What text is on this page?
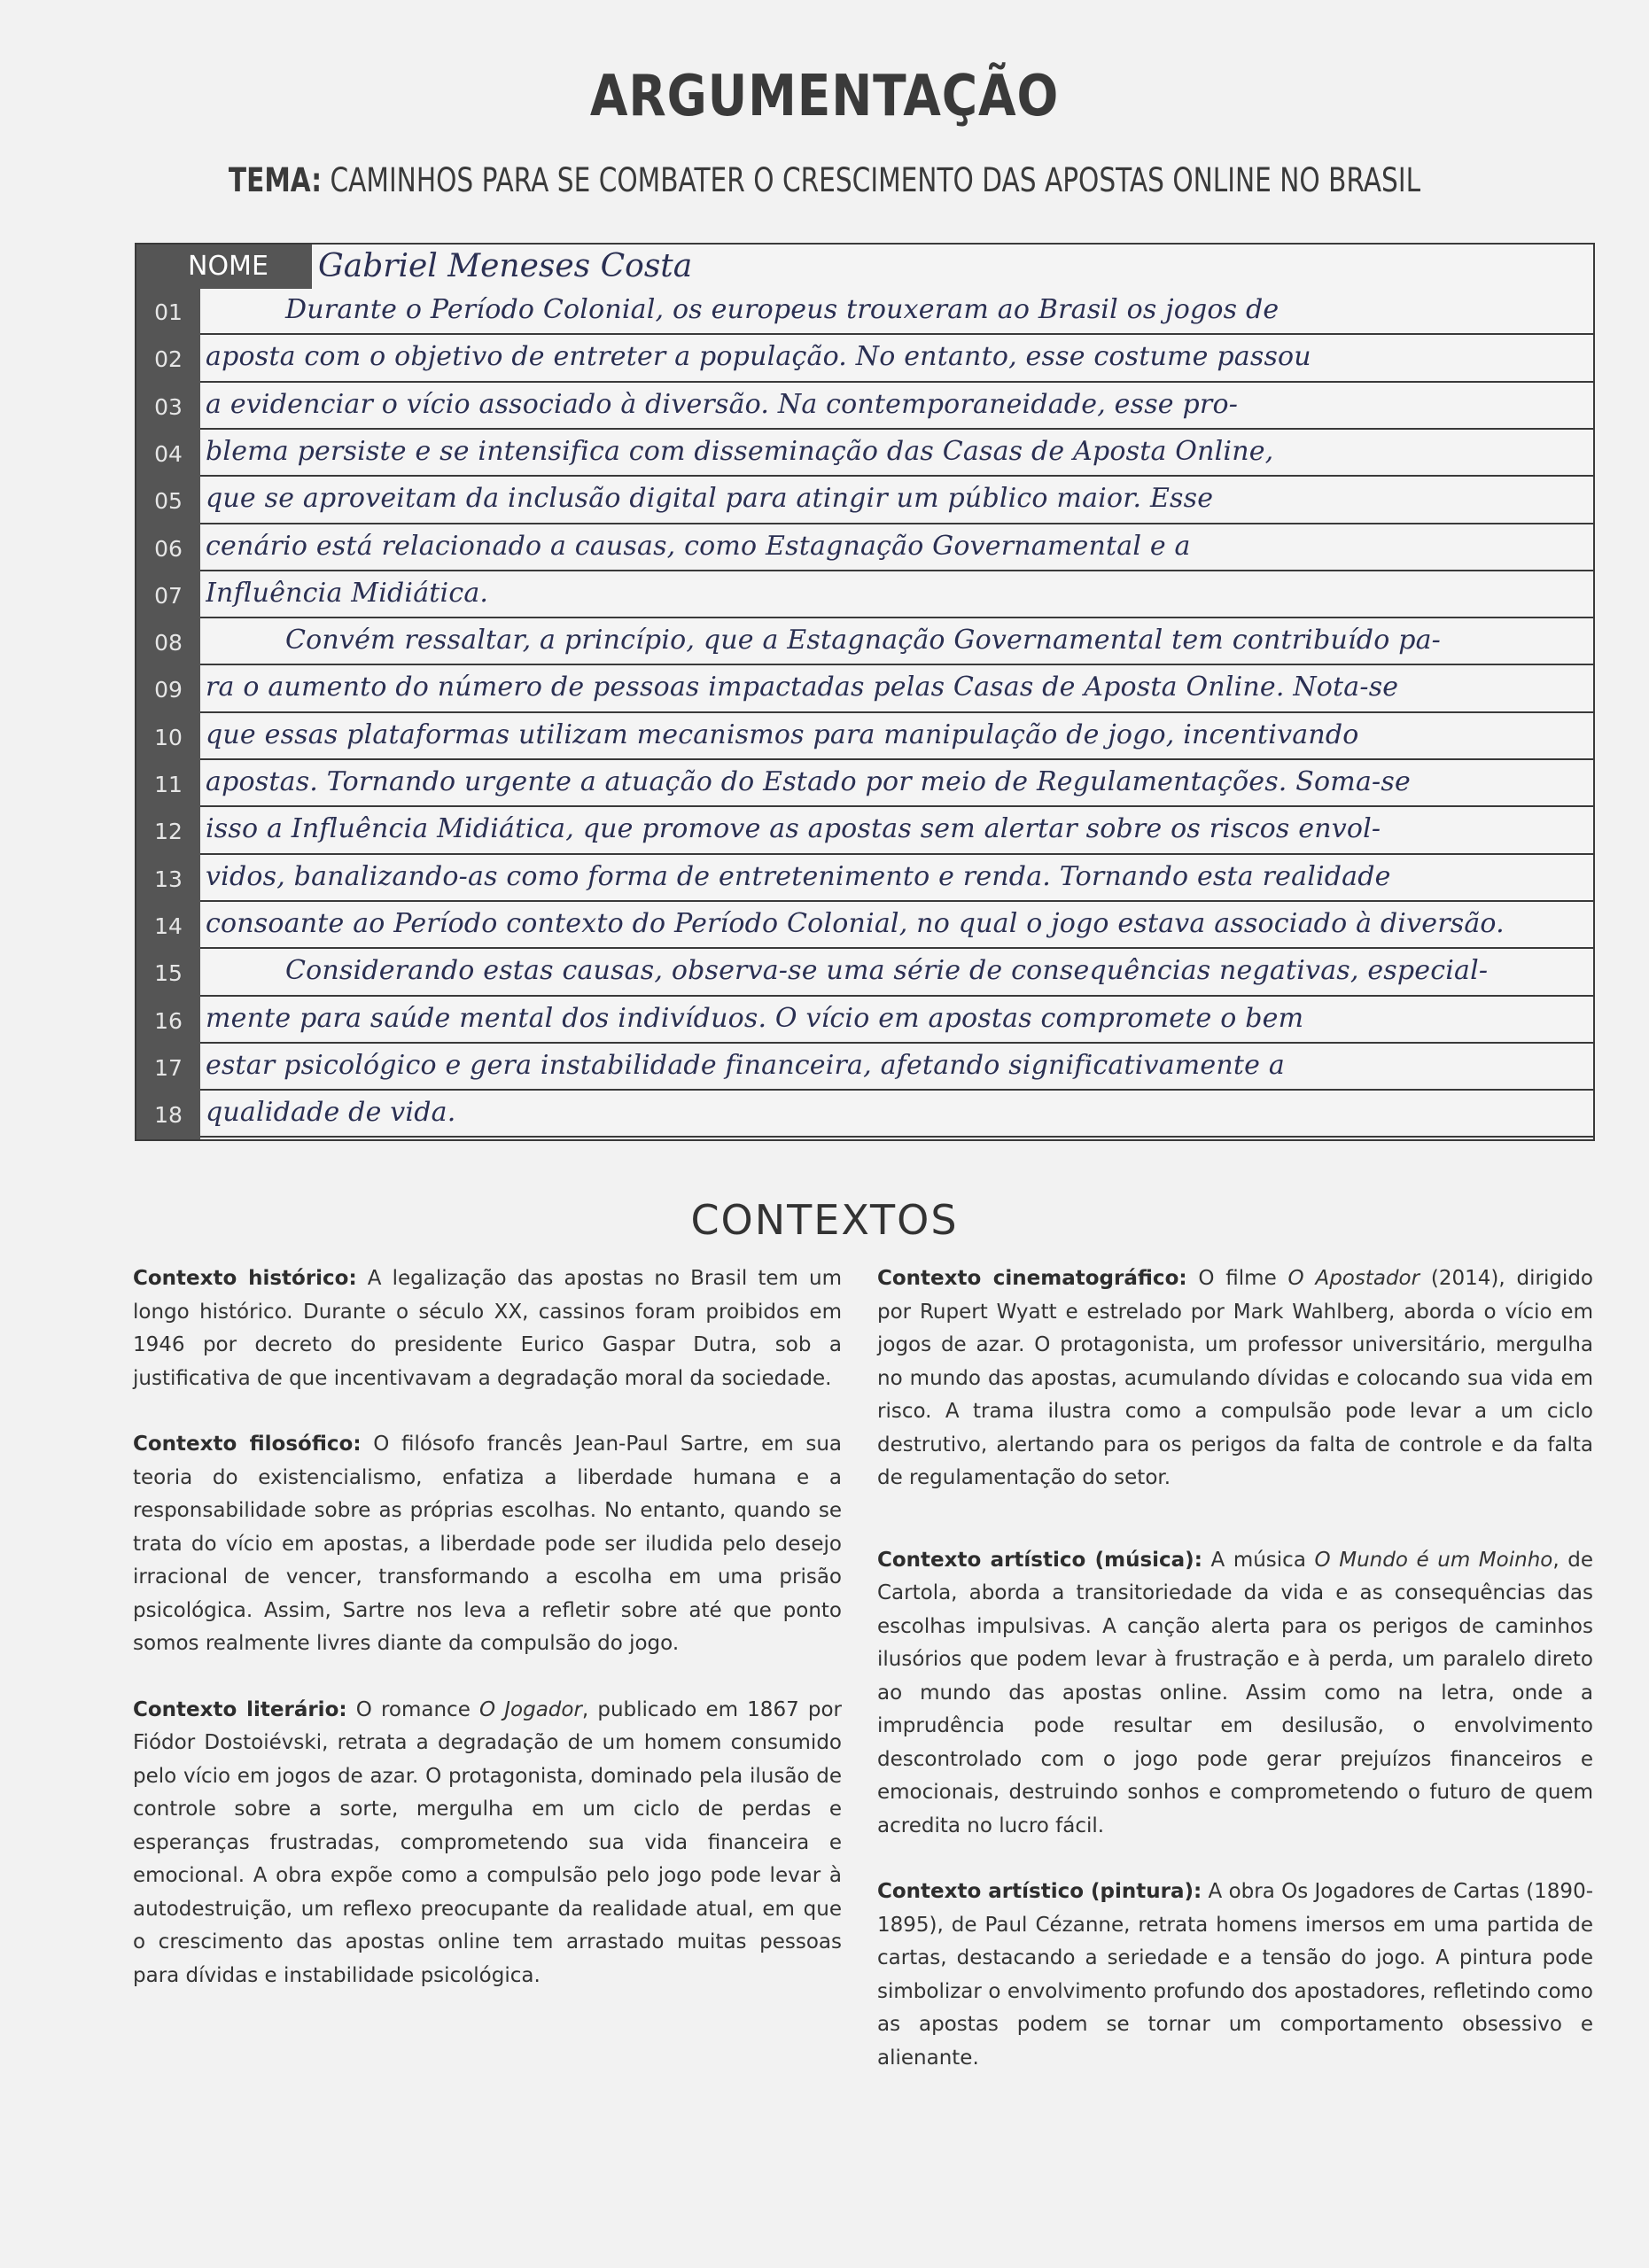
ARGUMENTAÇÃO
TEMA: CAMINHOS PARA SE COMBATER O CRESCIMENTO DAS APOSTAS ONLINE NO BRASIL
NOME	Gabriel Meneses Costa
01	Durante o Período Colonial, os europeus trouxeram ao Brasil os jogos de
02 aposta com o objetivo de entreter a população. No entanto, esse costume passou
03 a evidenciar o vício associado à diversão. Na contemporaneidade, esse pro-
04 blema persiste e se intensifica com disseminação das Casas de Aposta Online,
05 que se aproveitam da inclusão digital para atingir um público maior. Esse
06 cenário está relacionado a causas, como Estagnação Governamental e a
07 Influência Midiática.
08	Convém ressaltar, a princípio, que a Estagnação Governamental tem contribuído pa-
09 ra o aumento do número de pessoas impactadas pelas Casas de Aposta Online. Nota-se
10 que essas plataformas utilizam mecanismos para manipulação de jogo, incentivando
11 apostas. Tornando urgente a atuação do Estado por meio de Regulamentações. Soma-se
12 isso a Influência Midiática, que promove as apostas sem alertar sobre os riscos envol-
13 vidos, banalizando-as como forma de entretenimento e renda. Tornando esta realidade
14 consoante ao Período contexto do Período Colonial, no qual o jogo estava associado à diversão.
15	Considerando estas causas, observa-se uma série de consequências negativas, especial-
16 mente para saúde mental dos indivíduos. O vício em apostas compromete o bem
17 estar psicológico e gera instabilidade financeira, afetando significativamente a
18 qualidade de vida.
CONTEXTOS

Contexto histórico: A legalização das apostas no Brasil tem um longo histórico. Durante o século XX, cassinos foram proibidos em 1946 por decreto do presidente Eurico Gaspar Dutra, sob a justificativa de que incentivavam a degradação moral da sociedade.

Contexto filosófico: O filósofo francês Jean-Paul Sartre, em sua teoria do existencialismo, enfatiza a liberdade humana e a responsabilidade sobre as próprias escolhas. No entanto, quando se trata do vício em apostas, a liberdade pode ser iludida pelo desejo irracional de vencer, transformando a escolha em uma prisão psicológica. Assim, Sartre nos leva a refletir sobre até que ponto somos realmente livres diante da compulsão do jogo.

Contexto literário: O romance O Jogador, publicado em 1867 por Fiódor Dostoiévski, retrata a degradação de um homem consumido pelo vício em jogos de azar. O protagonista, dominado pela ilusão de controle sobre a sorte, mergulha em um ciclo de perdas e esperanças frustradas, comprometendo sua vida financeira e emocional. A obra expõe como a compulsão pelo jogo pode levar à autodestruição, um reflexo preocupante da realidade atual, em que o crescimento das apostas online tem arrastado muitas pessoas para dívidas e instabilidade psicológica.

Contexto cinematográfico: O filme O Apostador (2014), dirigido por Rupert Wyatt e estrelado por Mark Wahlberg, aborda o vício em jogos de azar. O protagonista, um professor universitário, mergulha no mundo das apostas, acumulando dívidas e colocando sua vida em risco. A trama ilustra como a compulsão pode levar a um ciclo destrutivo, alertando para os perigos da falta de controle e da falta de regulamentação do setor.

Contexto artístico (música): A música O Mundo é um Moinho, de Cartola, aborda a transitoriedade da vida e as consequências das escolhas impulsivas. A canção alerta para os perigos de caminhos ilusórios que podem levar à frustração e à perda, um paralelo direto ao mundo das apostas online. Assim como na letra, onde a imprudência pode resultar em desilusão, o envolvimento descontrolado com o jogo pode gerar prejuízos financeiros e emocionais, destruindo sonhos e comprometendo o futuro de quem acredita no lucro fácil.

Contexto artístico (pintura): A obra Os Jogadores de Cartas (1890-1895), de Paul Cézanne, retrata homens imersos em uma partida de cartas, destacando a seriedade e a tensão do jogo. A pintura pode simbolizar o envolvimento profundo dos apostadores, refletindo como as apostas podem se tornar um comportamento obsessivo e alienante.
